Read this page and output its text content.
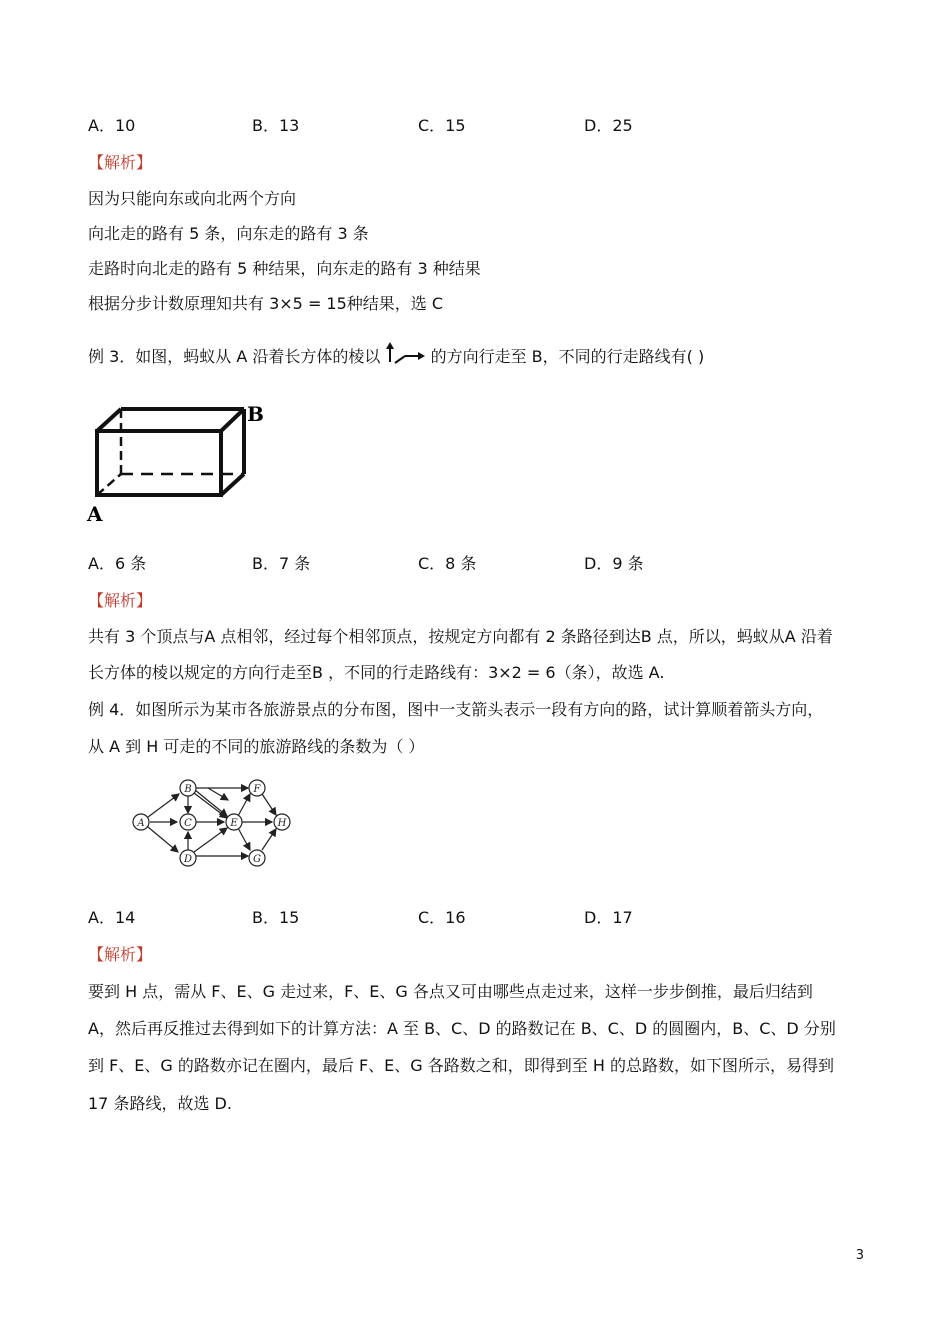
A．10	B．13	C．15	D．25
【解析】
因为只能向东或向北两个方向
向北走的路有 5 条，向东走的路有 3 条
走路时向北走的路有 5 种结果，向东走的路有 3 种结果
根据分步计数原理知共有 3×5 = 15种结果，选 C
例 3．如图，蚂蚁从 A 沿着长方体的棱以	的方向行走至 B，不同的行走路线有( )
B
A
A．6 条	B．7 条	C．8 条	D．9 条
【解析】
共有 3 个顶点与A 点相邻，经过每个相邻顶点，按规定方向都有 2 条路径到达B 点，所以，蚂蚁从A 沿着
长方体的棱以规定的方向行走至B ，不同的行走路线有：3×2 = 6（条），故选 A.
例 4．如图所示为某市各旅游景点的分布图，图中一支箭头表示一段有方向的路，试计算顺着箭头方向，
从 A 到 H 可走的不同的旅游路线的条数为（ ）
A
B
C
D
E
F
G
H
A．14	B．15	C．16	D．17
【解析】
要到 H 点，需从 F、E、G 走过来，F、E、G 各点又可由哪些点走过来，这样一步步倒推，最后归结到
A，然后再反推过去得到如下的计算方法：A 至 B、C、D 的路数记在 B、C、D 的圆圈内，B、C、D 分别
到 F、E、G 的路数亦记在圈内，最后 F、E、G 各路数之和，即得到至 H 的总路数，如下图所示，易得到
17 条路线，故选 D.
3
